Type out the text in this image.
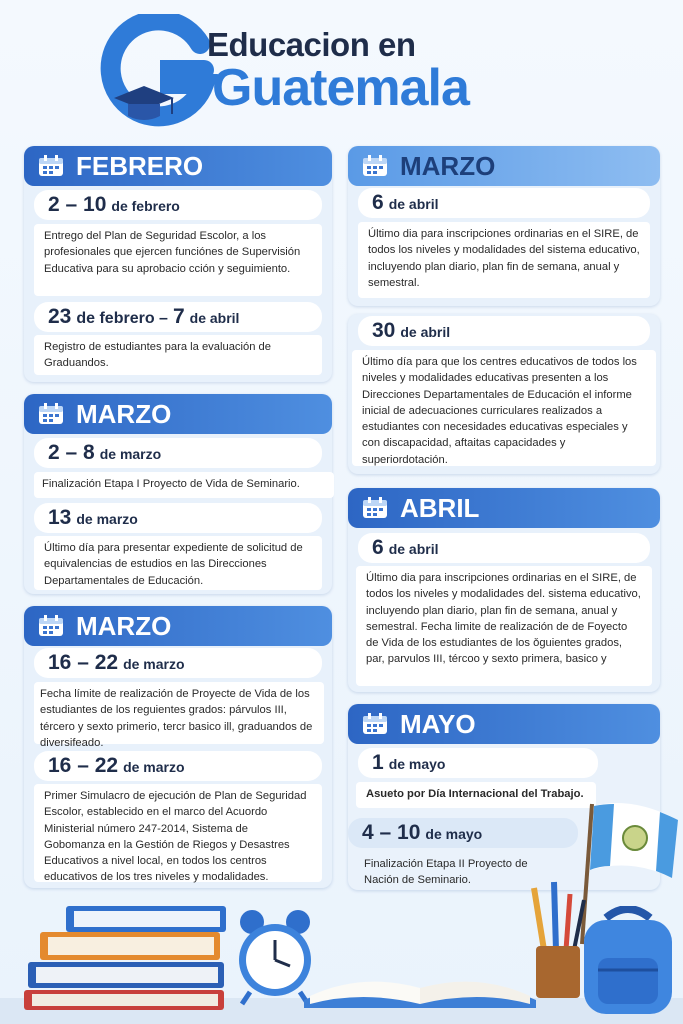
Educacion en
Guatemala
FEBRERO
2 – 10 de febrero
Entrego del Plan de Seguridad Escolor, a los profesionales que ejercen funciónes de Supervisión Educativa para su aprobacio cción y seguimiento.
23 de febrero – 7 de abril
Registro de estudiantes para la evaluación de Graduandos.
MARZO
2 – 8 de marzo
Finalización Etapa I Proyecto de Vida de Seminario.
13 de marzo
Último día para presentar expediente de solicitud de equivalencias de estudios en las Direcciones Departamentales de Educación.
MARZO
16 – 22 de marzo
Fecha límite de realización de Proyecte de Vida de los estudiantes de los reguientes grados: párvulos III, tércero y sexto primerio, tercr basico ill, graduandos de diversifeado.
16 – 22 de marzo
Primer Simulacro de ejecución de Plan de Seguridad Escolor, establecido en el marco del Acuordo Ministerial número 247-2014, Sistema de Gobomanza en la Gestión de Riegos y Desastres Educativos a nivel local, en todos los centros educativos de los tres niveles y modalidades.
MARZO
6 de abril
Último dia para inscripciones ordinarias en el SIRE, de todos los niveles y modalidades del sistema educativo, incluyendo plan diario, plan fin de semana, anual y semestral.
30 de abril
Último día para que los centres educativos de todos los niveles y modalidades educativas presenten a los Direcciones Departamentales de Educación el informe inicial de adecuaciones curriculares realizados a estudiantes con necesidades educativas especiales y con discapacidad, aftaitas capacidades y superiordotación.
ABRIL
6 de abril
Último dia para inscripciones ordinarias en el SIRE, de todos los niveles y modalidades del. sistema educativo, incluyendo plan diario, plan fin de semana, anual y semestral. Fecha limite de realización de de Foyecto de Vida de los estudiantes de los ǒguientes grados, par, parvulos III, tércoo y sexto primera, basico y
MAYO
1 de mayo
Asueto por Día Internacional del Trabajo.
4 – 10 de mayo
Finalización Etapa II Proyecto de Nación de Seminario.
